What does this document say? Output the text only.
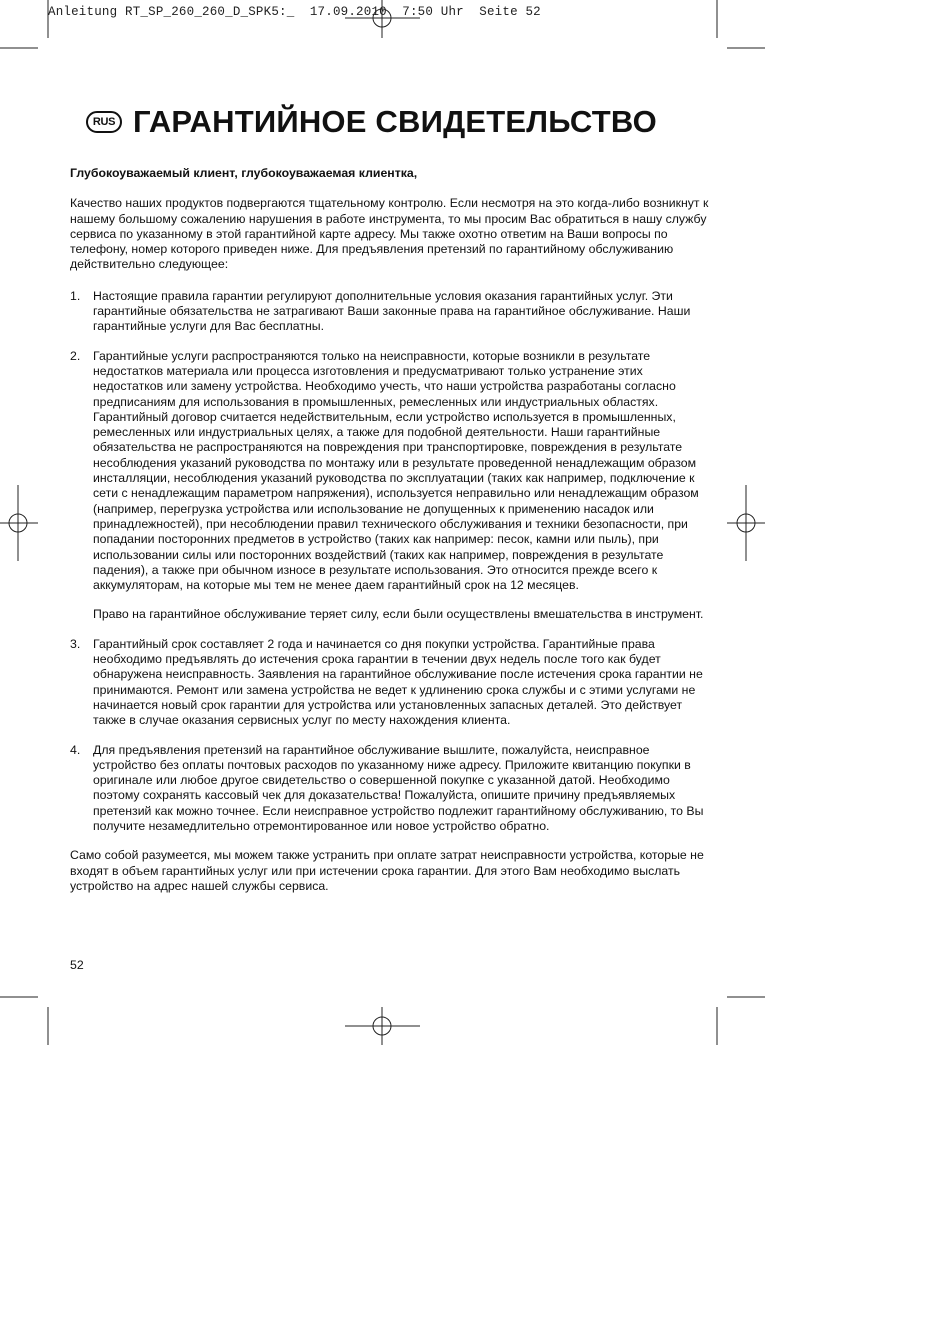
Anleitung RT_SP_260_260_D_SPK5:_  17.09.2010  7:50 Uhr  Seite 52
RUS ГАРАНТИЙНОЕ СВИДЕТЕЛЬСТВО

Глубокоуважаемый клиент, глубокоуважаемая клиентка,

Качество наших продуктов подвергаются тщательному контролю. Если несмотря на это когда-либо возникнут к нашему большому сожалению нарушения в работе инструмента, то мы просим Вас обратиться в нашу службу сервиса по указанному в этой гарантийной карте адресу. Мы также охотно ответим на Ваши вопросы по телефону, номер которого приведен ниже. Для предъявления претензий по гарантийному обслуживанию действительно следующее:

1.	Настоящие правила гарантии регулируют дополнительные условия оказания гарантийных услуг. Эти гарантийные обязательства не затрагивают Ваши законные права на гарантийное обслуживание. Наши гарантийные услуги для Вас бесплатны.

2.	Гарантийные услуги распространяются только на неисправности, которые возникли в результате недостатков материала или процесса изготовления и предусматривают только устранение этих недостатков или замену устройства. Необходимо учесть, что наши устройства разработаны согласно предписаниям для использования в промышленных, ремесленных или индустриальных областях. Гарантийный договор считается недействительным, если устройство используется в промышленных, ремесленных или индустриальных целях, а также для подобной деятельности. Наши гарантийные обязательства не распространяются на повреждения при транспортировке, повреждения в результате несоблюдения указаний руководства по монтажу или в результате проведенной ненадлежащим образом инсталляции, несоблюдения указаний руководства по эксплуатации (таких как например, подключение к сети с ненадлежащим параметром напряжения), используется неправильно или ненадлежащим образом (например, перегрузка устройства или использование не допущенных к применению насадок или принадлежностей), при несоблюдении правил технического обслуживания и техники безопасности, при попадании посторонних предметов в устройство (таких как например: песок, камни или пыль), при использовании силы или посторонних воздействий (таких как например, повреждения в результате падения), а также при обычном износе в результате использования. Это относится прежде всего к аккумуляторам, на которые мы тем не менее даем гарантийный срок на 12 месяцев.

Право на гарантийное обслуживание теряет силу, если были осуществлены вмешательства в инструмент.

3.	Гарантийный срок составляет 2 года и начинается со дня покупки устройства. Гарантийные права необходимо предъявлять до истечения срока гарантии в течении двух недель после того как будет обнаружена неисправность. Заявления на гарантийное обслуживание после истечения срока гарантии не принимаются. Ремонт или замена устройства не ведет к удлинению срока службы и с этими услугами не начинается новый срок гарантии для устройства или установленных запасных деталей. Это действует также в случае оказания сервисных услуг по месту нахождения клиента.

4.	Для предъявления претензий на гарантийное обслуживание вышлите, пожалуйста, неисправное устройство без оплаты почтовых расходов по указанному ниже адресу. Приложите квитанцию покупки в оригинале или любое другое свидетельство о совершенной покупке с указанной датой. Необходимо поэтому сохранять кассовый чек для доказательства! Пожалуйста, опишите причину предъявляемых претензий как можно точнее. Если неисправное устройство подлежит гарантийному обслуживанию, то Вы получите незамедлительно отремонтированное или новое устройство обратно.

Само собой разумеется, мы можем также устранить при оплате затрат неисправности устройства, которые не входят в объем гарантийных услуг или при истечении срока гарантии. Для этого Вам необходимо выслать устройство на адрес нашей службы сервиса.

52
